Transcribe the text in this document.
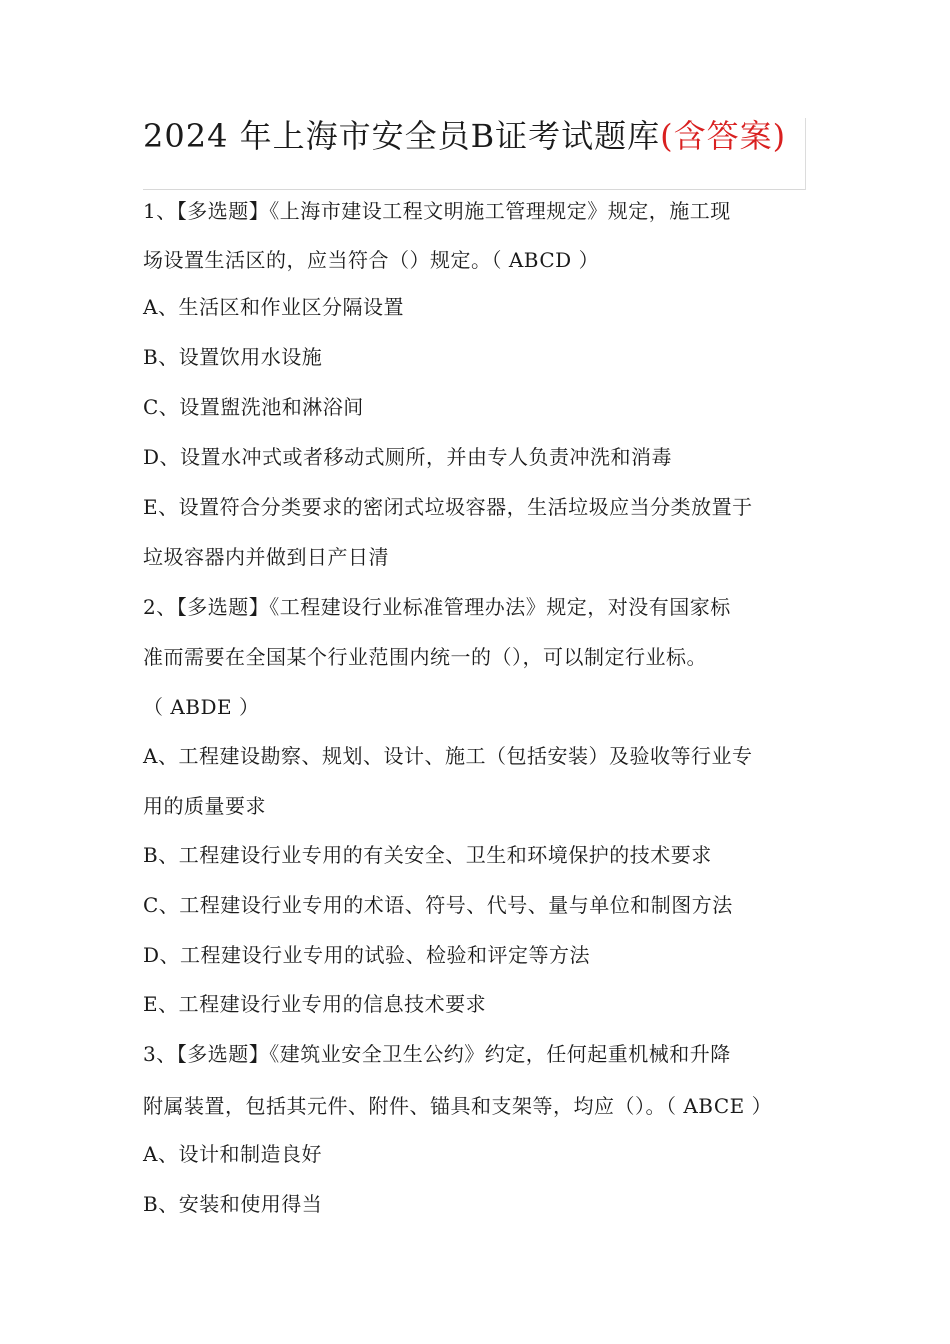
2024 年上海市安全员B证考试题库(含答案)
1、【多选题】《上海市建设工程文明施工管理规定》规定，施工现
场设置生活区的，应当符合（）规定。（ ABCD ）
A、生活区和作业区分隔设置
B、设置饮用水设施
C、设置盥洗池和淋浴间
D、设置水冲式或者移动式厕所，并由专人负责冲洗和消毒
E、设置符合分类要求的密闭式垃圾容器，生活垃圾应当分类放置于
垃圾容器内并做到日产日清
2、【多选题】《工程建设行业标准管理办法》规定，对没有国家标
准而需要在全国某个行业范围内统一的（），可以制定行业标。
（ ABDE ）
A、工程建设勘察、规划、设计、施工（包括安装）及验收等行业专
用的质量要求
B、工程建设行业专用的有关安全、卫生和环境保护的技术要求
C、工程建设行业专用的术语、符号、代号、量与单位和制图方法
D、工程建设行业专用的试验、检验和评定等方法
E、工程建设行业专用的信息技术要求
3、【多选题】《建筑业安全卫生公约》约定，任何起重机械和升降
附属装置，包括其元件、附件、锚具和支架等，均应（）。（ ABCE ）
A、设计和制造良好
B、安装和使用得当
